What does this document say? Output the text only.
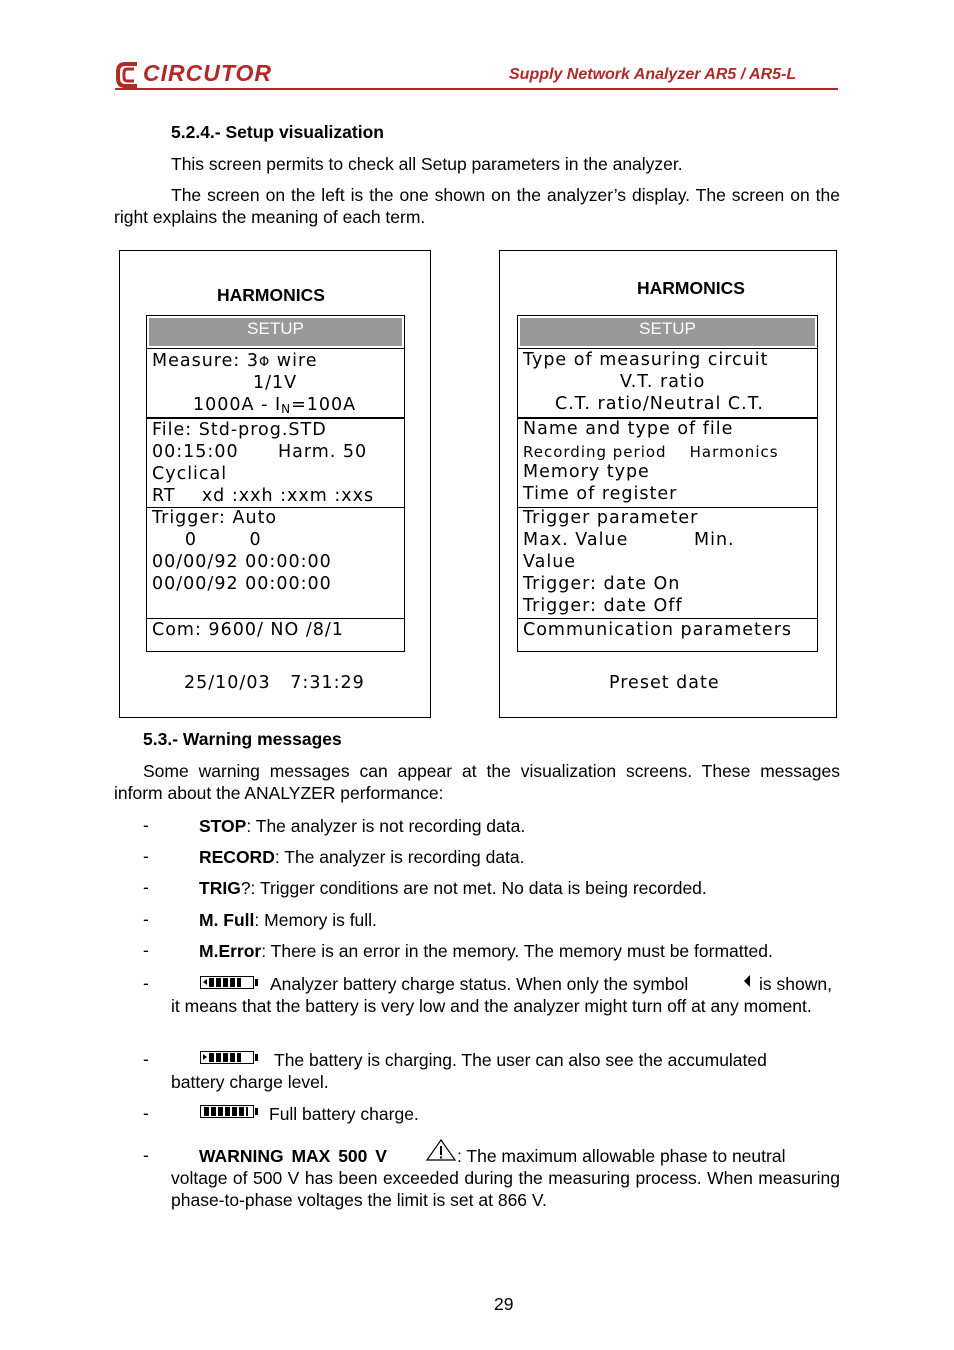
CIRCUTOR	Supply Network Analyzer AR5 / AR5-L
5.2.4.- Setup visualization
This screen permits to check all Setup parameters in the analyzer.
The screen on the left is the one shown on the analyzer’s display. The screen on the right explains the meaning of each term.
HARMONICS
SETUP
Measure: 3Φ wire
1/1V
1000A - IN=100A
File: Std-prog.STD
00:15:00      Harm. 50
Cyclical
RT    xd :xxh :xxm :xxs
Trigger: Auto
0        0
00/00/92 00:00:00
00/00/92 00:00:00
Com: 9600/ NO /8/1
25/10/03   7:31:29
HARMONICS
SETUP
Type of measuring circuit
V.T. ratio
C.T. ratio/Neutral C.T.
Name and type of file
Recording period    Harmonics
Memory type
Time of register
Trigger parameter
Max. Value          Min.
Value
Trigger: date On
Trigger: date Off
Communication parameters
Preset date
5.3.- Warning messages
Some warning messages can appear at the visualization screens. These messages inform about the ANALYZER performance:
-	STOP: The analyzer is not recording data.
-	RECORD: The analyzer is recording data.
-	TRIG?: Trigger conditions are not met. No data is being recorded.
-	M. Full: Memory is full.
-	M.Error: There is an error in the memory. The memory must be formatted.
-	Analyzer battery charge status. When only the symbol	is shown,
it means that the battery is very low and the analyzer might turn off at any moment.
-	The battery is charging. The user can also see the accumulated
battery charge level.
-	Full battery charge.
-	WARNING MAX 500 V	: The maximum allowable phase to neutral
voltage of 500 V has been exceeded during the measuring process. When measuring phase-to-phase voltages the limit is set at 866 V.
29
